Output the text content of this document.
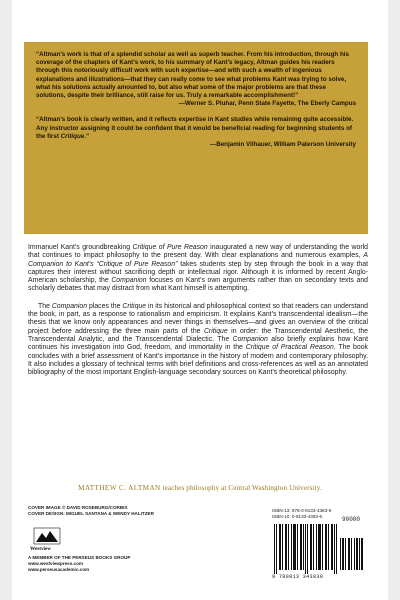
“Altman’s work is that of a splendid scholar as well as superb teacher. From his introduction, through his coverage of the chapters of Kant’s work, to his summary of Kant’s legacy, Altman guides his readers through this notoriously difficult work with such expertise—and with such a wealth of ingenious explanations and illustrations—that they can really come to see what problems Kant was trying to solve, what his solutions actually amounted to, but also what some of the major problems are that these solutions, despite their brilliance, still raise for us. Truly a remarkable accomplishment!”

—Werner S. Pluhar, Penn State Fayette, The Eberly Campus

“Altman’s book is clearly written, and it reflects expertise in Kant studies while remaining quite accessible. Any instructor assigning it could be confident that it would be beneficial reading for beginning students of the first Critique.”

—Benjamin Vilhauer, William Paterson University

Immanuel Kant’s groundbreaking Critique of Pure Reason inaugurated a new way of understanding the world that continues to impact philosophy to the present day. With clear explanations and numerous examples, A Companion to Kant’s “Critique of Pure Reason” takes students step by step through the book in a way that captures their interest without sacrificing depth or intellectual rigor. Although it is informed by recent Anglo-American scholarship, the Companion focuses on Kant’s own arguments rather than on secondary texts and scholarly debates that may distract from what Kant himself is attempting.

The Companion places the Critique in its historical and philosophical context so that readers can understand the book, in part, as a response to rationalism and empiricism. It explains Kant’s transcendental idealism—the thesis that we know only appearances and never things in themselves—and gives an overview of the critical project before addressing the three main parts of the Critique in order: the Transcendental Aesthetic, the Transcendental Analytic, and the Transcendental Dialectic. The Companion also briefly explains how Kant continues his investigation into God, freedom, and immortality in the Critique of Practical Reason. The book concludes with a brief assessment of Kant’s importance in the history of modern and contemporary philosophy. It also includes a glossary of technical terms with brief definitions and cross-references as well as an annotated bibliography of the most important English-language secondary sources on Kant’s theoretical philosophy.

MATTHEW C. ALTMAN teaches philosophy at Central Washington University.
COVER IMAGE © DAVID ROSEBURG/CORBIS
COVER DESIGN: MIGUEL SANTANA & WENDY HALITZER
Westview
A MEMBER OF THE PERSEUS BOOKS GROUP
www.westviewpress.com
www.perseusacademic.com
ISBN-13: 978-0-8133-4383-9
ISBN-10: 0-8133-4383-6	90000
9 780813 343839
